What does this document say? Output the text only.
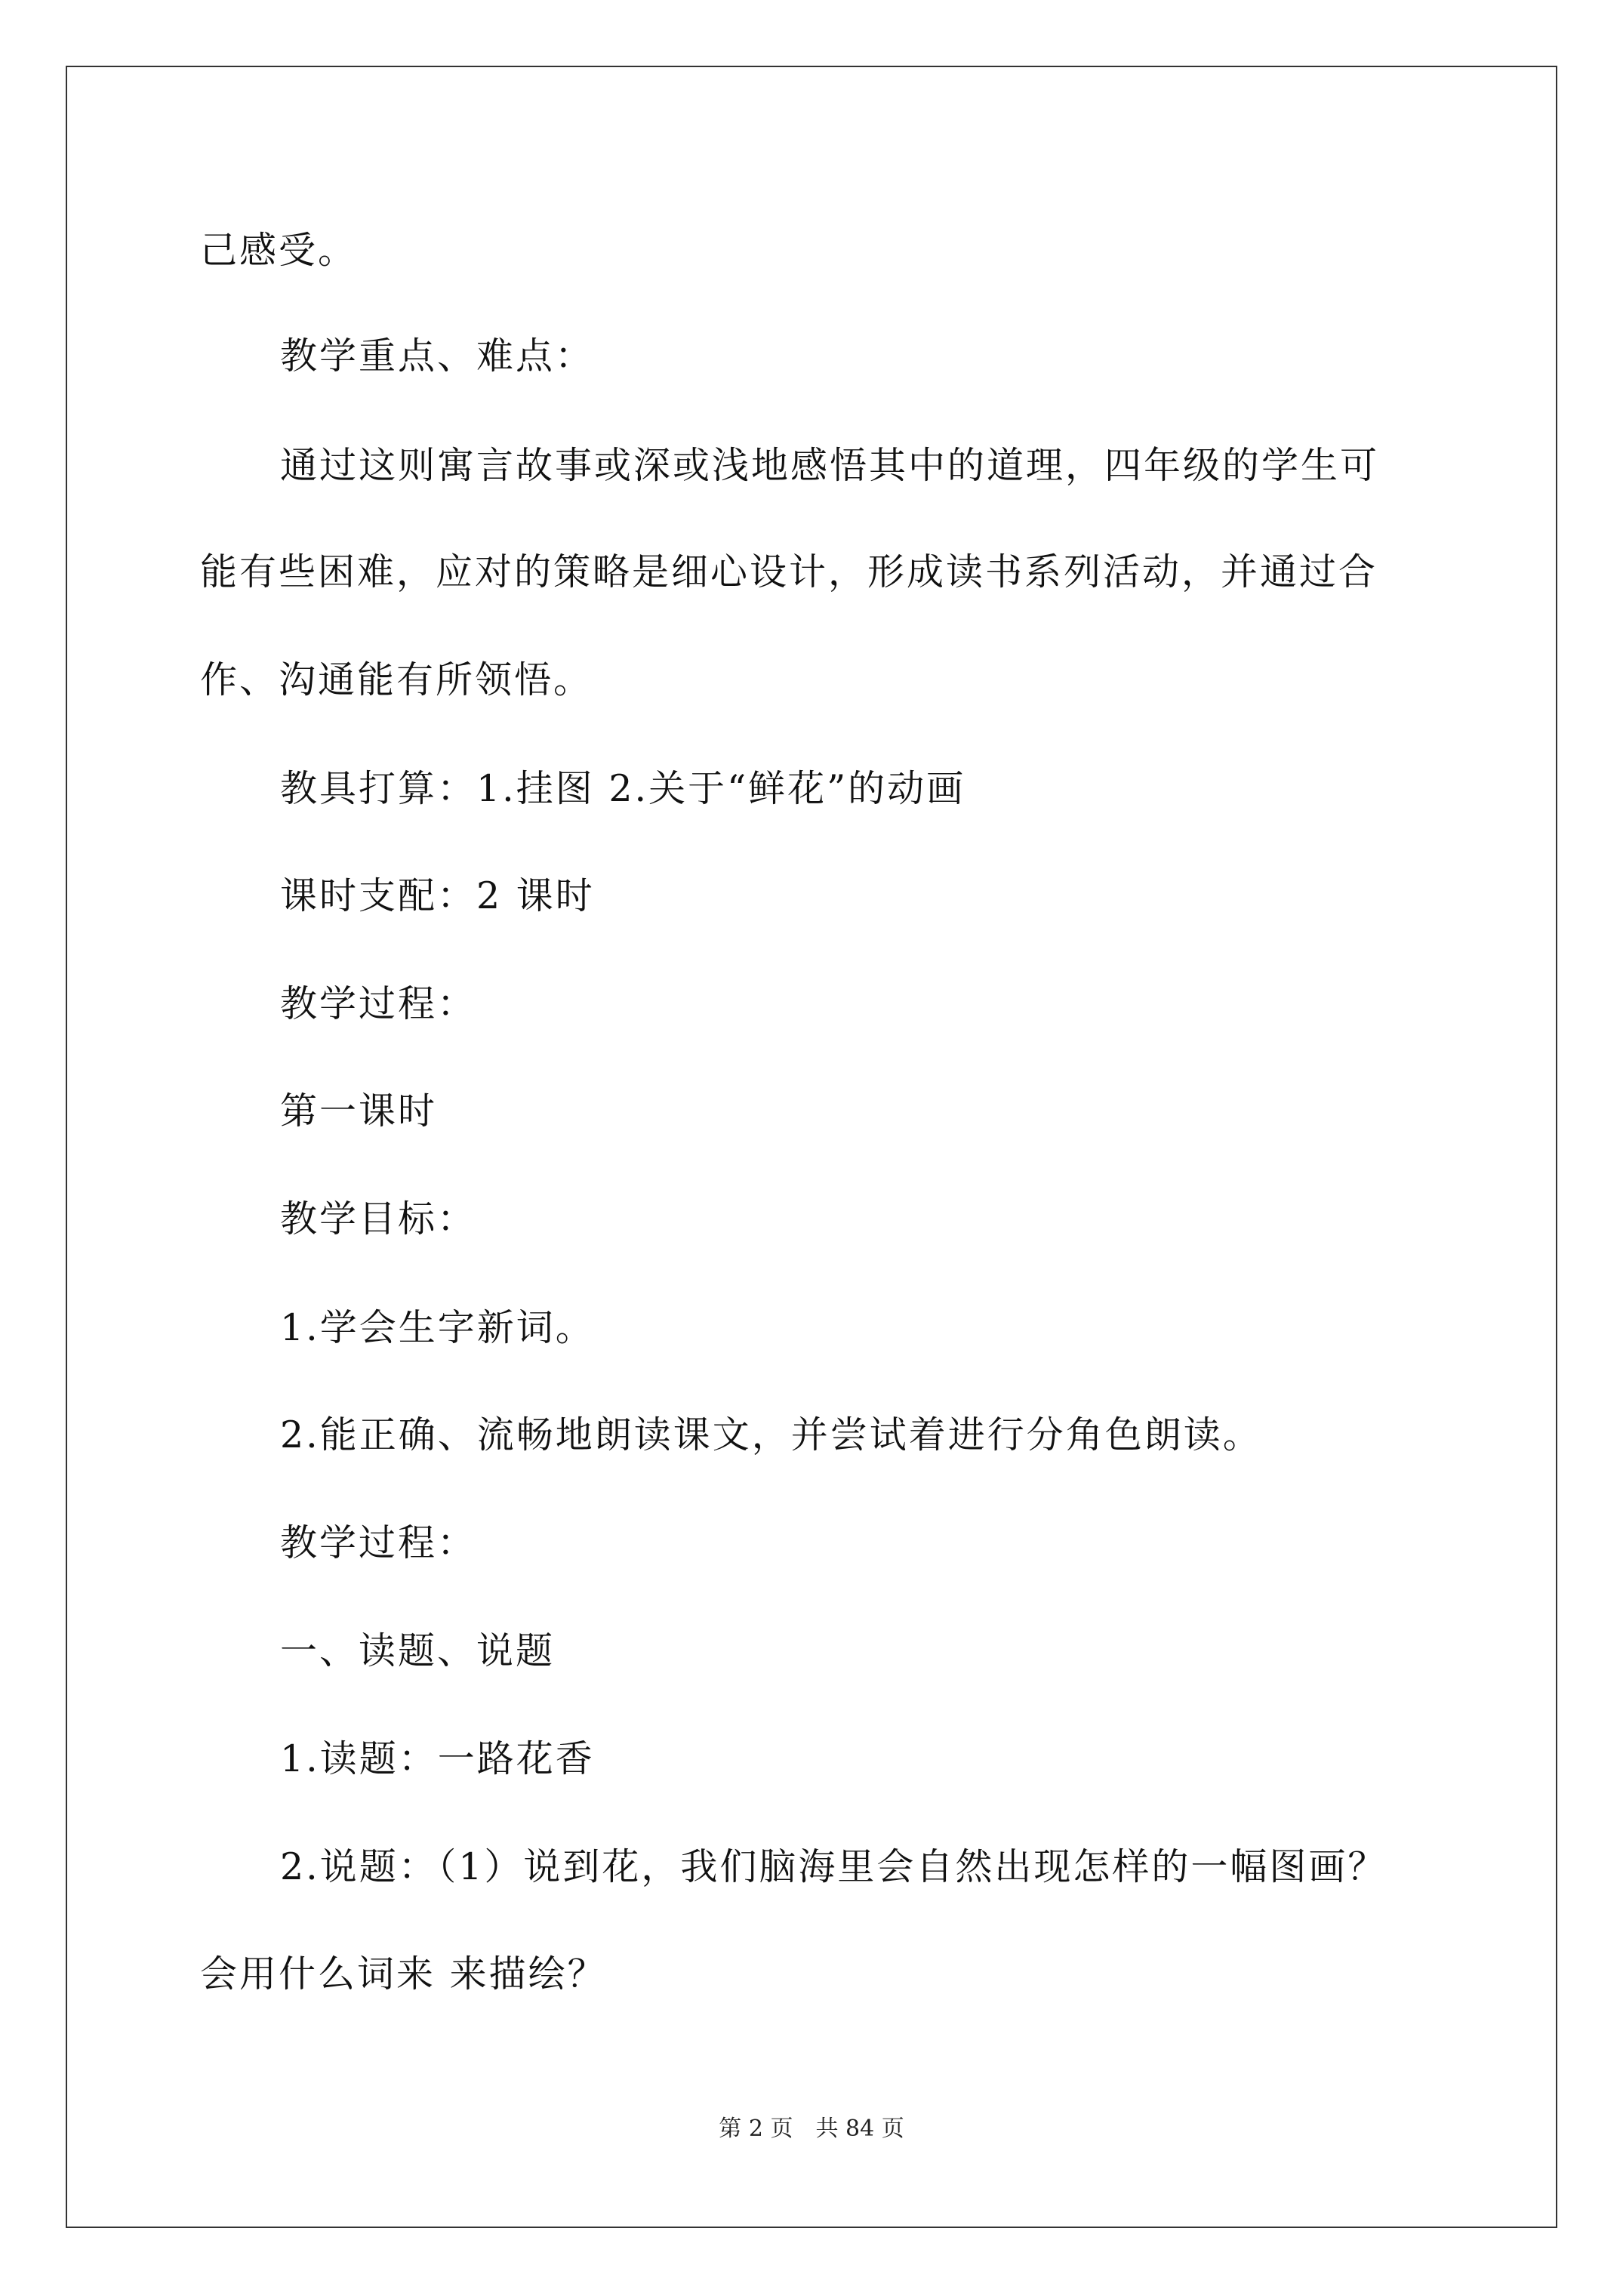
己感受。
教学重点、难点：
通过这则寓言故事或深或浅地感悟其中的道理，四年级的学生可
能有些困难，应对的策略是细心设计，形成读书系列活动，并通过合
作、沟通能有所领悟。
教具打算：1.挂图 2.关于“鲜花”的动画
课时支配：2 课时
教学过程：
第一课时
教学目标：
1.学会生字新词。
2.能正确、流畅地朗读课文，并尝试着进行分角色朗读。
教学过程：
一、读题、说题
1.读题：一路花香
2.说题：（1）说到花，我们脑海里会自然出现怎样的一幅图画？
会用什么词来 来描绘？
第 2 页　共 84 页
